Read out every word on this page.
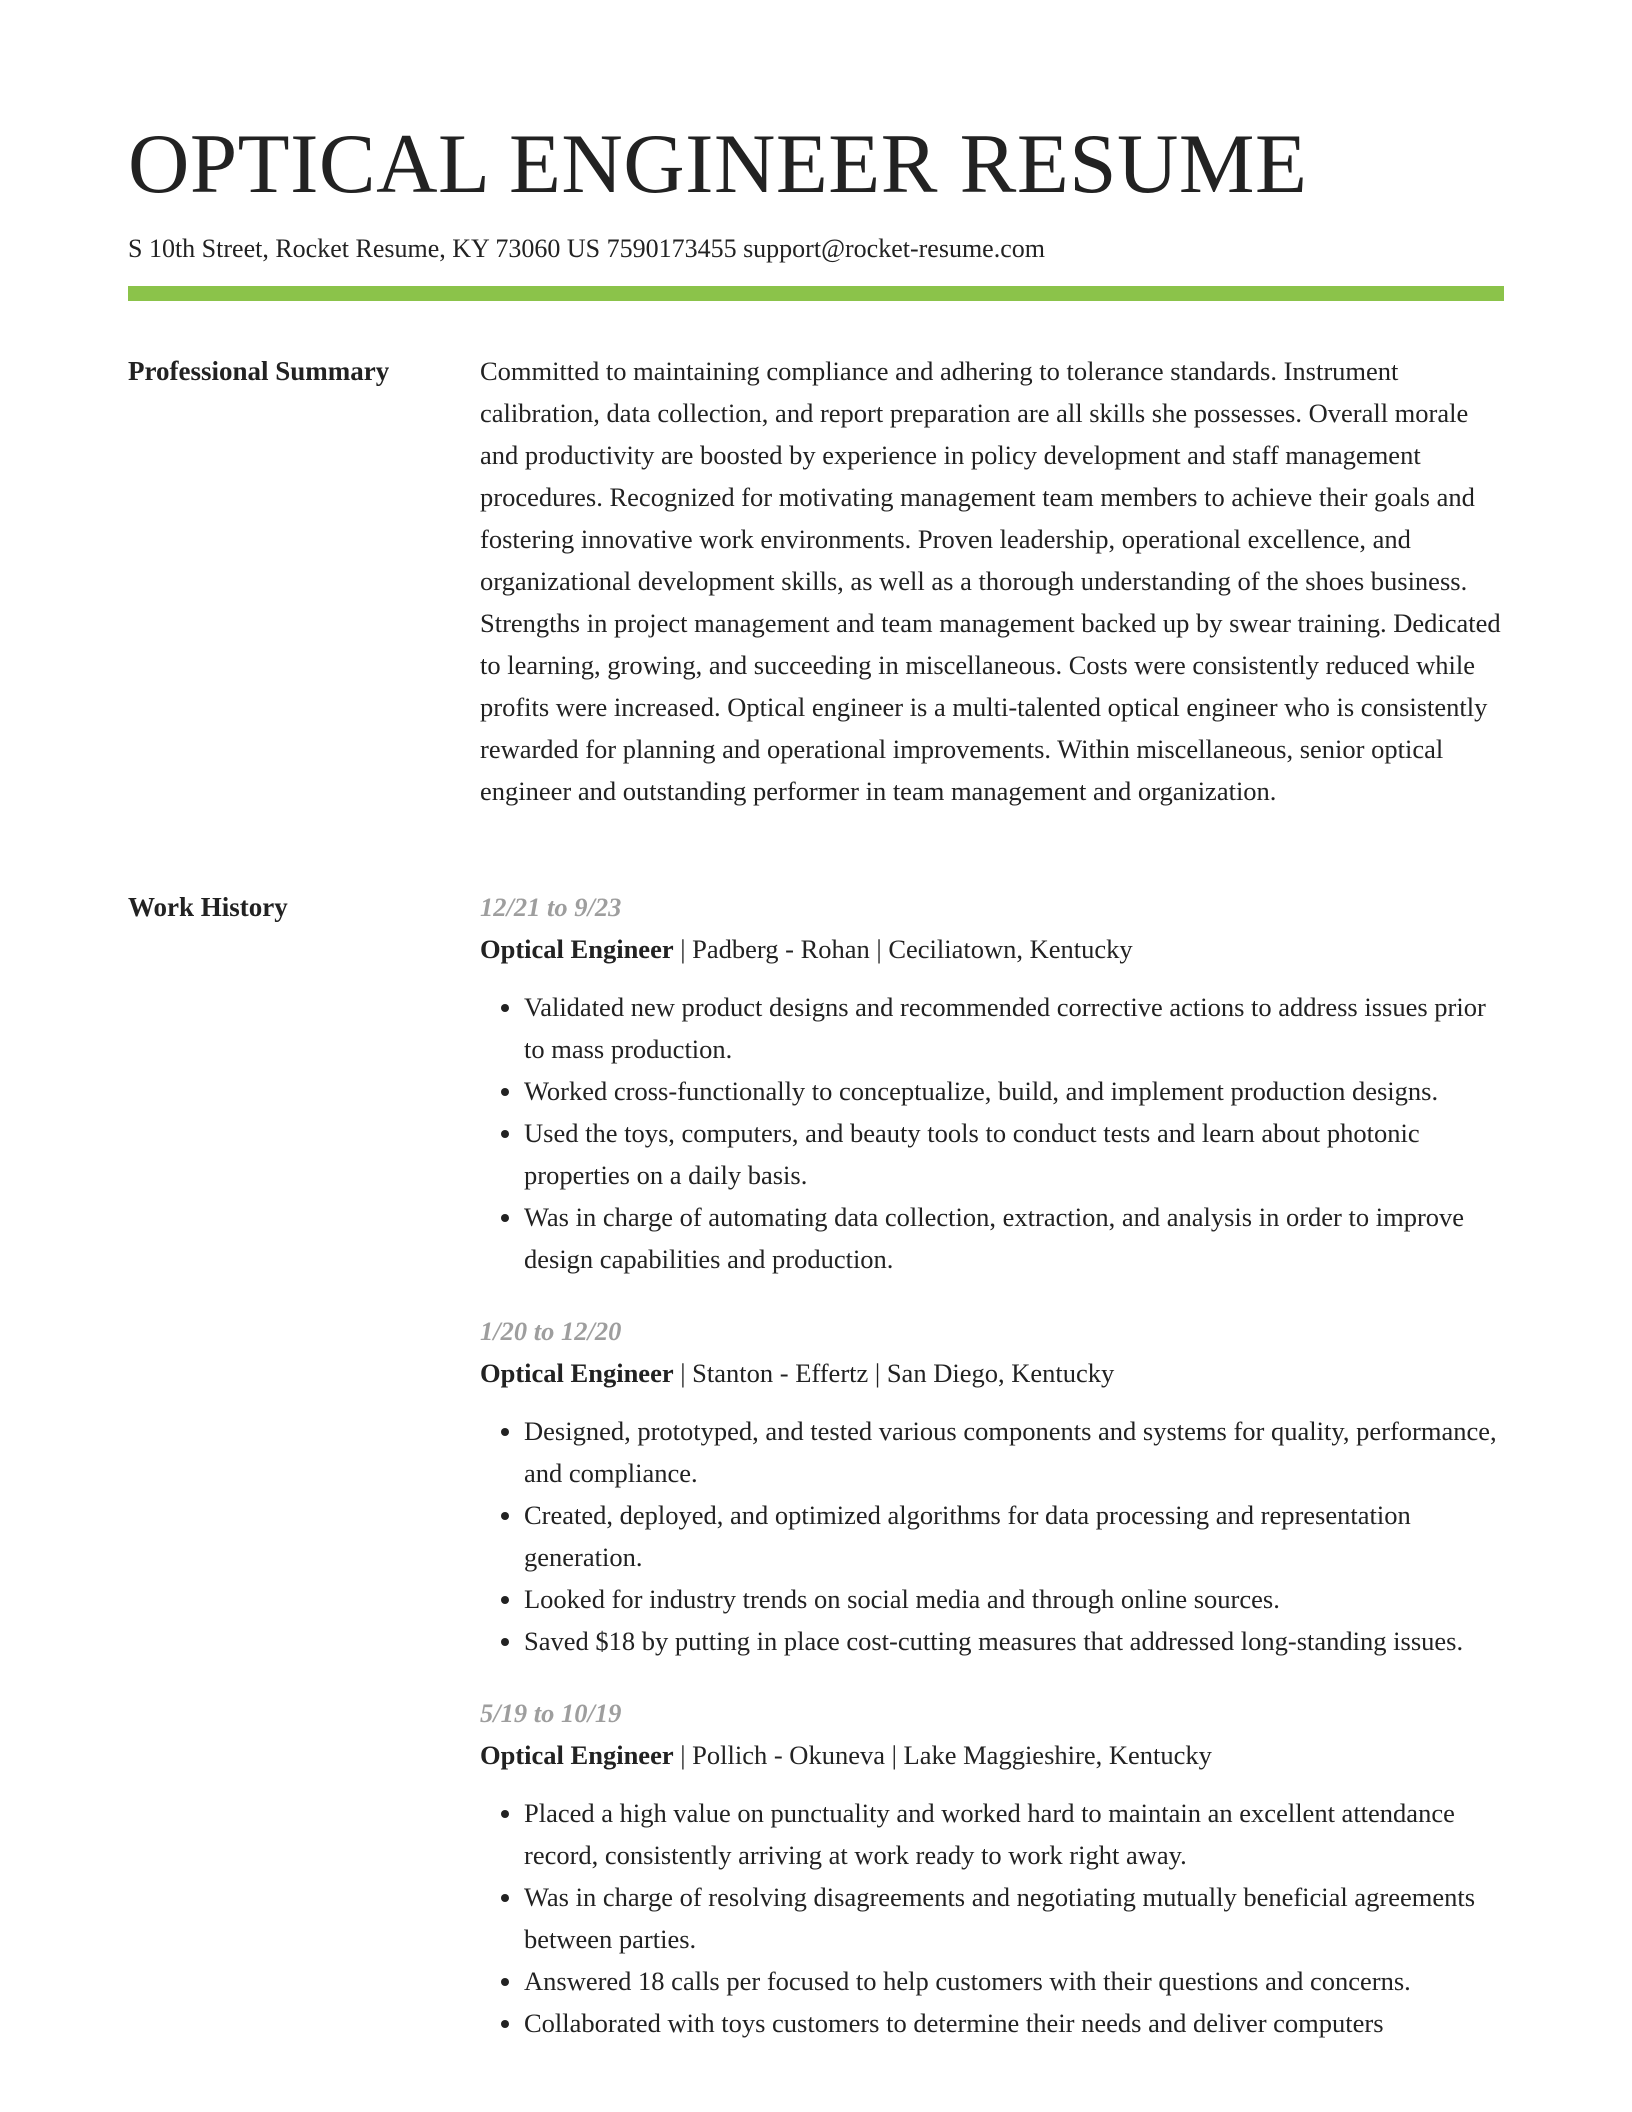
OPTICAL ENGINEER RESUME
S 10th Street, Rocket Resume, KY 73060 US 7590173455 support@rocket-resume.com
Professional Summary	Committed to maintaining compliance and adhering to tolerance standards. Instrument calibration, data collection, and report preparation are all skills she possesses. Overall morale and productivity are boosted by experience in policy development and staff management procedures. Recognized for motivating management team members to achieve their goals and fostering innovative work environments. Proven leadership, operational excellence, and organizational development skills, as well as a thorough understanding of the shoes business. Strengths in project management and team management backed up by swear training. Dedicated to learning, growing, and succeeding in miscellaneous. Costs were consistently reduced while profits were increased. Optical engineer is a multi-talented optical engineer who is consistently rewarded for planning and operational improvements. Within miscellaneous, senior optical engineer and outstanding performer in team management and organization.

Work History	12/21 to 9/23
Optical Engineer | Padberg - Rohan | Ceciliatown, Kentucky
• Validated new product designs and recommended corrective actions to address issues prior to mass production.
• Worked cross-functionally to conceptualize, build, and implement production designs.
• Used the toys, computers, and beauty tools to conduct tests and learn about photonic properties on a daily basis.
• Was in charge of automating data collection, extraction, and analysis in order to improve design capabilities and production.
1/20 to 12/20
Optical Engineer | Stanton - Effertz | San Diego, Kentucky
• Designed, prototyped, and tested various components and systems for quality, performance, and compliance.
• Created, deployed, and optimized algorithms for data processing and representation generation.
• Looked for industry trends on social media and through online sources.
• Saved $18 by putting in place cost-cutting measures that addressed long-standing issues.
5/19 to 10/19
Optical Engineer | Pollich - Okuneva | Lake Maggieshire, Kentucky
• Placed a high value on punctuality and worked hard to maintain an excellent attendance record, consistently arriving at work ready to work right away.
• Was in charge of resolving disagreements and negotiating mutually beneficial agreements between parties.
• Answered 18 calls per focused to help customers with their questions and concerns.
• Collaborated with toys customers to determine their needs and deliver computers
